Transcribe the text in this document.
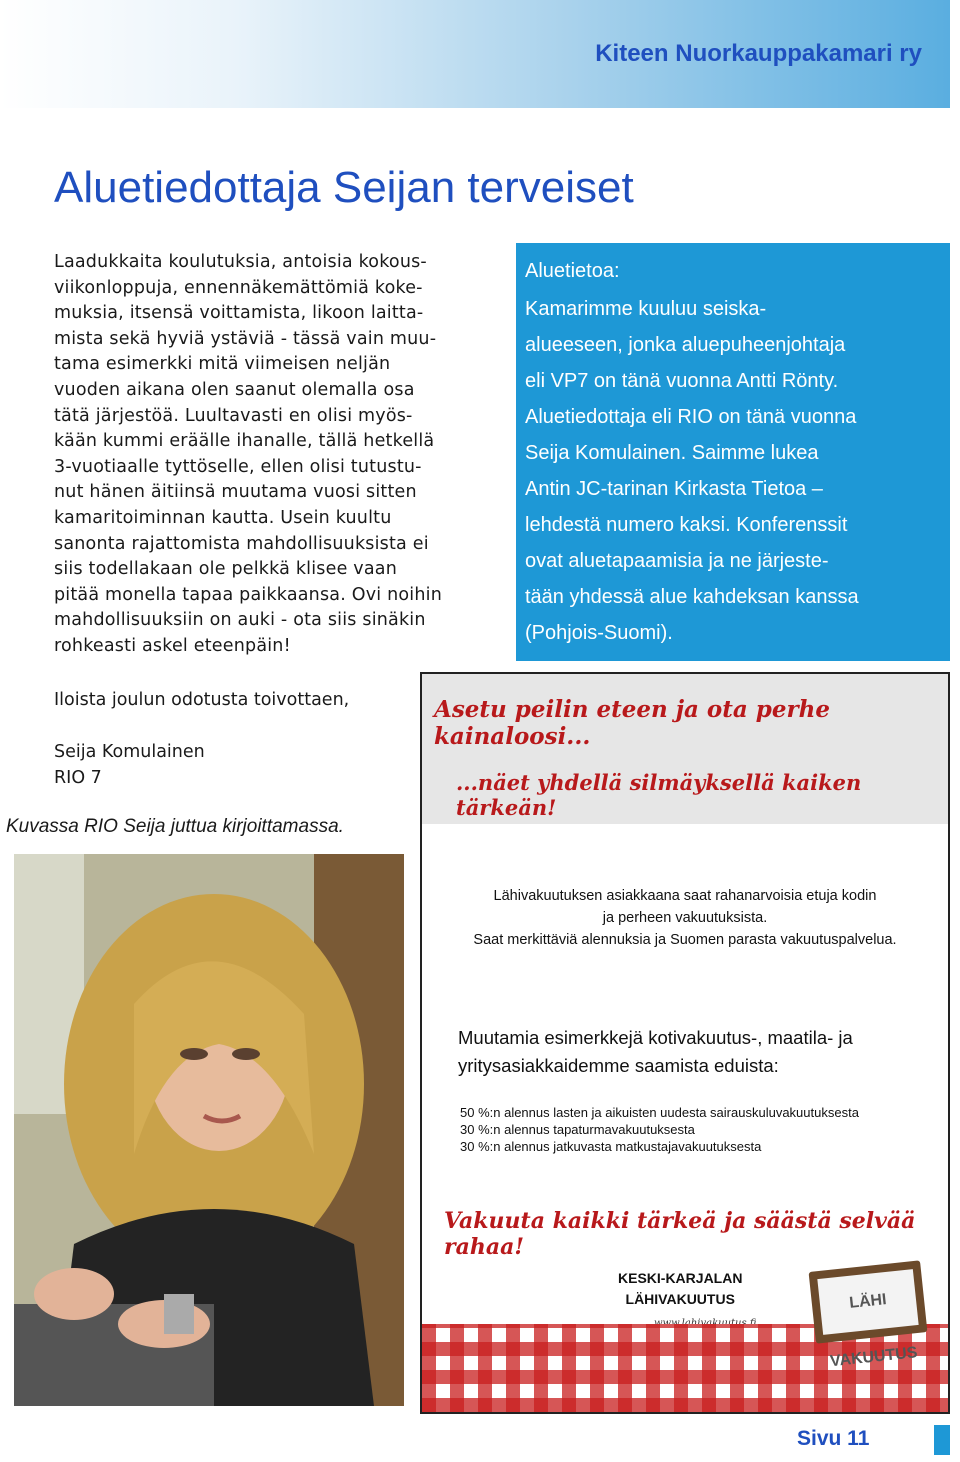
Kiteen Nuorkauppakamari ry
Aluetiedottaja Seijan terveiset

Laadukkaita koulutuksia, antoisia kokous-

viikonloppuja, ennennäkemättömiä koke-

muksia, itsensä voittamista, likoon laitta-

mista sekä hyviä ystäviä - tässä vain muu-

tama esimerkki mitä viimeisen neljän

vuoden aikana olen saanut olemalla osa

tätä järjestöä. Luultavasti en olisi myös-

kään kummi eräälle ihanalle, tällä hetkellä

3-vuotiaalle tyttöselle, ellen olisi tutustu-

nut hänen äitiinsä muutama vuosi sitten

kamaritoiminnan kautta. Usein kuultu

sanonta rajattomista mahdollisuuksista ei

siis todellakaan ole pelkkä klisee vaan

pitää monella tapaa paikkaansa. Ovi noihin

mahdollisuuksiin on auki - ota siis sinäkin

rohkeasti askel eteenpäin!

Iloista joulun odotusta toivottaen,
Seija Komulainen
RIO 7
Kuvassa RIO Seija juttua kirjoittamassa.
Aluetietoa:
Kamarimme kuuluu seiska-
alueeseen, jonka aluepuheenjohtaja
eli VP7 on tänä vuonna Antti Rönty.
Aluetiedottaja eli RIO on tänä vuonna
Seija Komulainen. Saimme lukea
Antin JC-tarinan Kirkasta Tietoa –
lehdestä numero kaksi. Konferenssit
ovat aluetapaamisia ja ne järjeste-
tään yhdessä alue kahdeksan kanssa
(Pohjois-Suomi).
Asetu peilin eteen ja ota perhe kainaloosi...
...näet yhdellä silmäyksellä kaiken tärkeän!
Lähivakuutuksen asiakkaana saat rahanarvoisia etuja kodin
ja perheen vakuutuksista.
Saat merkittäviä alennuksia ja Suomen parasta vakuutuspalvelua.
Muutamia esimerkkejä kotivakuutus-, maatila- ja yritysasiakkaidemme saamista eduista:
50 %:n alennus lasten ja aikuisten uudesta sairauskuluvakuutuksesta
30 %:n alennus tapaturmavakuutuksesta
30 %:n alennus jatkuvasta matkustajavakuutuksesta
Vakuuta kaikki tärkeä ja säästä selvää rahaa!
KESKI-KARJALAN
LÄHIVAKUUTUS	LÄHI VAKUUTUS
Sivu 11
